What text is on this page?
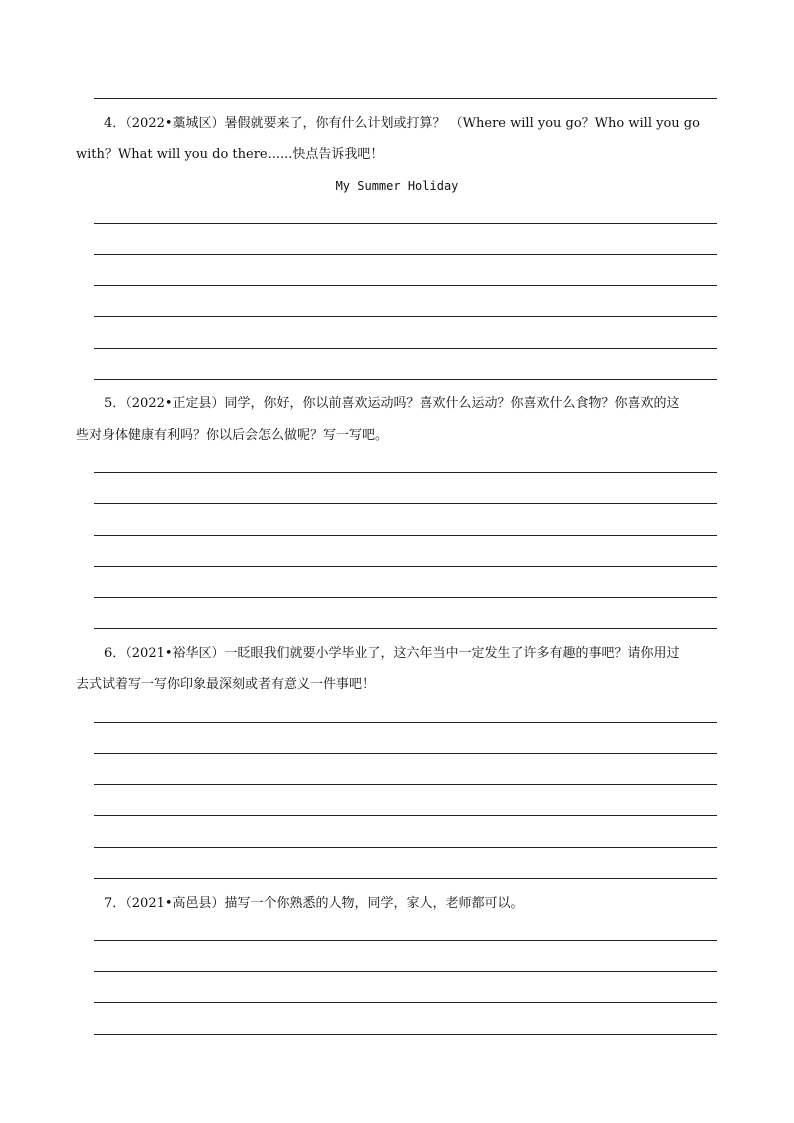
4．（2022•藁城区）暑假就要来了，你有什么计划或打算？ （Where will you go？Who will you go
with？What will you do there......快点告诉我吧！
My Summer Holiday
5．（2022•正定县）同学，你好，你以前喜欢运动吗？喜欢什么运动？你喜欢什么食物？你喜欢的这
些对身体健康有利吗？你以后会怎么做呢？写一写吧。
6．（2021•裕华区）一眨眼我们就要小学毕业了，这六年当中一定发生了许多有趣的事吧？请你用过
去式试着写一写你印象最深刻或者有意义一件事吧！
7．（2021•高邑县）描写一个你熟悉的人物，同学，家人，老师都可以。
